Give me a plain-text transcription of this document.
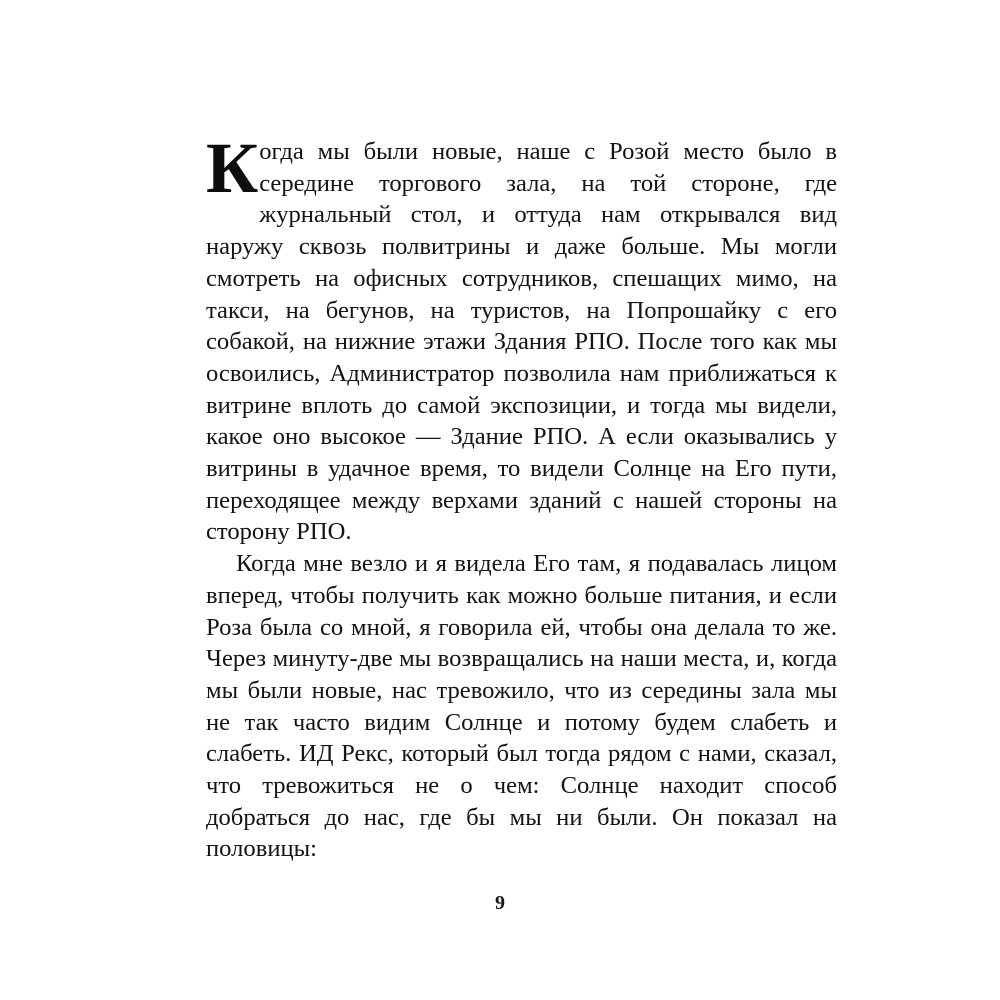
Когда мы были новые, наше с Розой место было в середине торгового зала, на той стороне, где журнальный стол, и оттуда нам открывался вид наружу сквозь полвитрины и даже больше. Мы могли смотреть на офисных сотрудников, спешащих мимо, на такси, на бегунов, на туристов, на Попрошайку с его собакой, на нижние этажи Здания РПО. После того как мы освоились, Администратор позволила нам приближаться к витрине вплоть до самой экспозиции, и тогда мы видели, какое оно высокое — Здание РПО. А если оказывались у витрины в удачное время, то видели Солнце на Его пути, переходящее между верхами зданий с нашей стороны на сторону РПО.

Когда мне везло и я видела Его там, я подавалась лицом вперед, чтобы получить как можно больше питания, и если Роза была со мной, я говорила ей, чтобы она делала то же. Через минуту-две мы возвращались на наши места, и, когда мы были новые, нас тревожило, что из середины зала мы не так часто видим Солнце и потому будем слабеть и слабеть. ИД Рекс, который был тогда рядом с нами, сказал, что тревожиться не о чем: Солнце находит способ добраться до нас, где бы мы ни были. Он показал на половицы:

9
